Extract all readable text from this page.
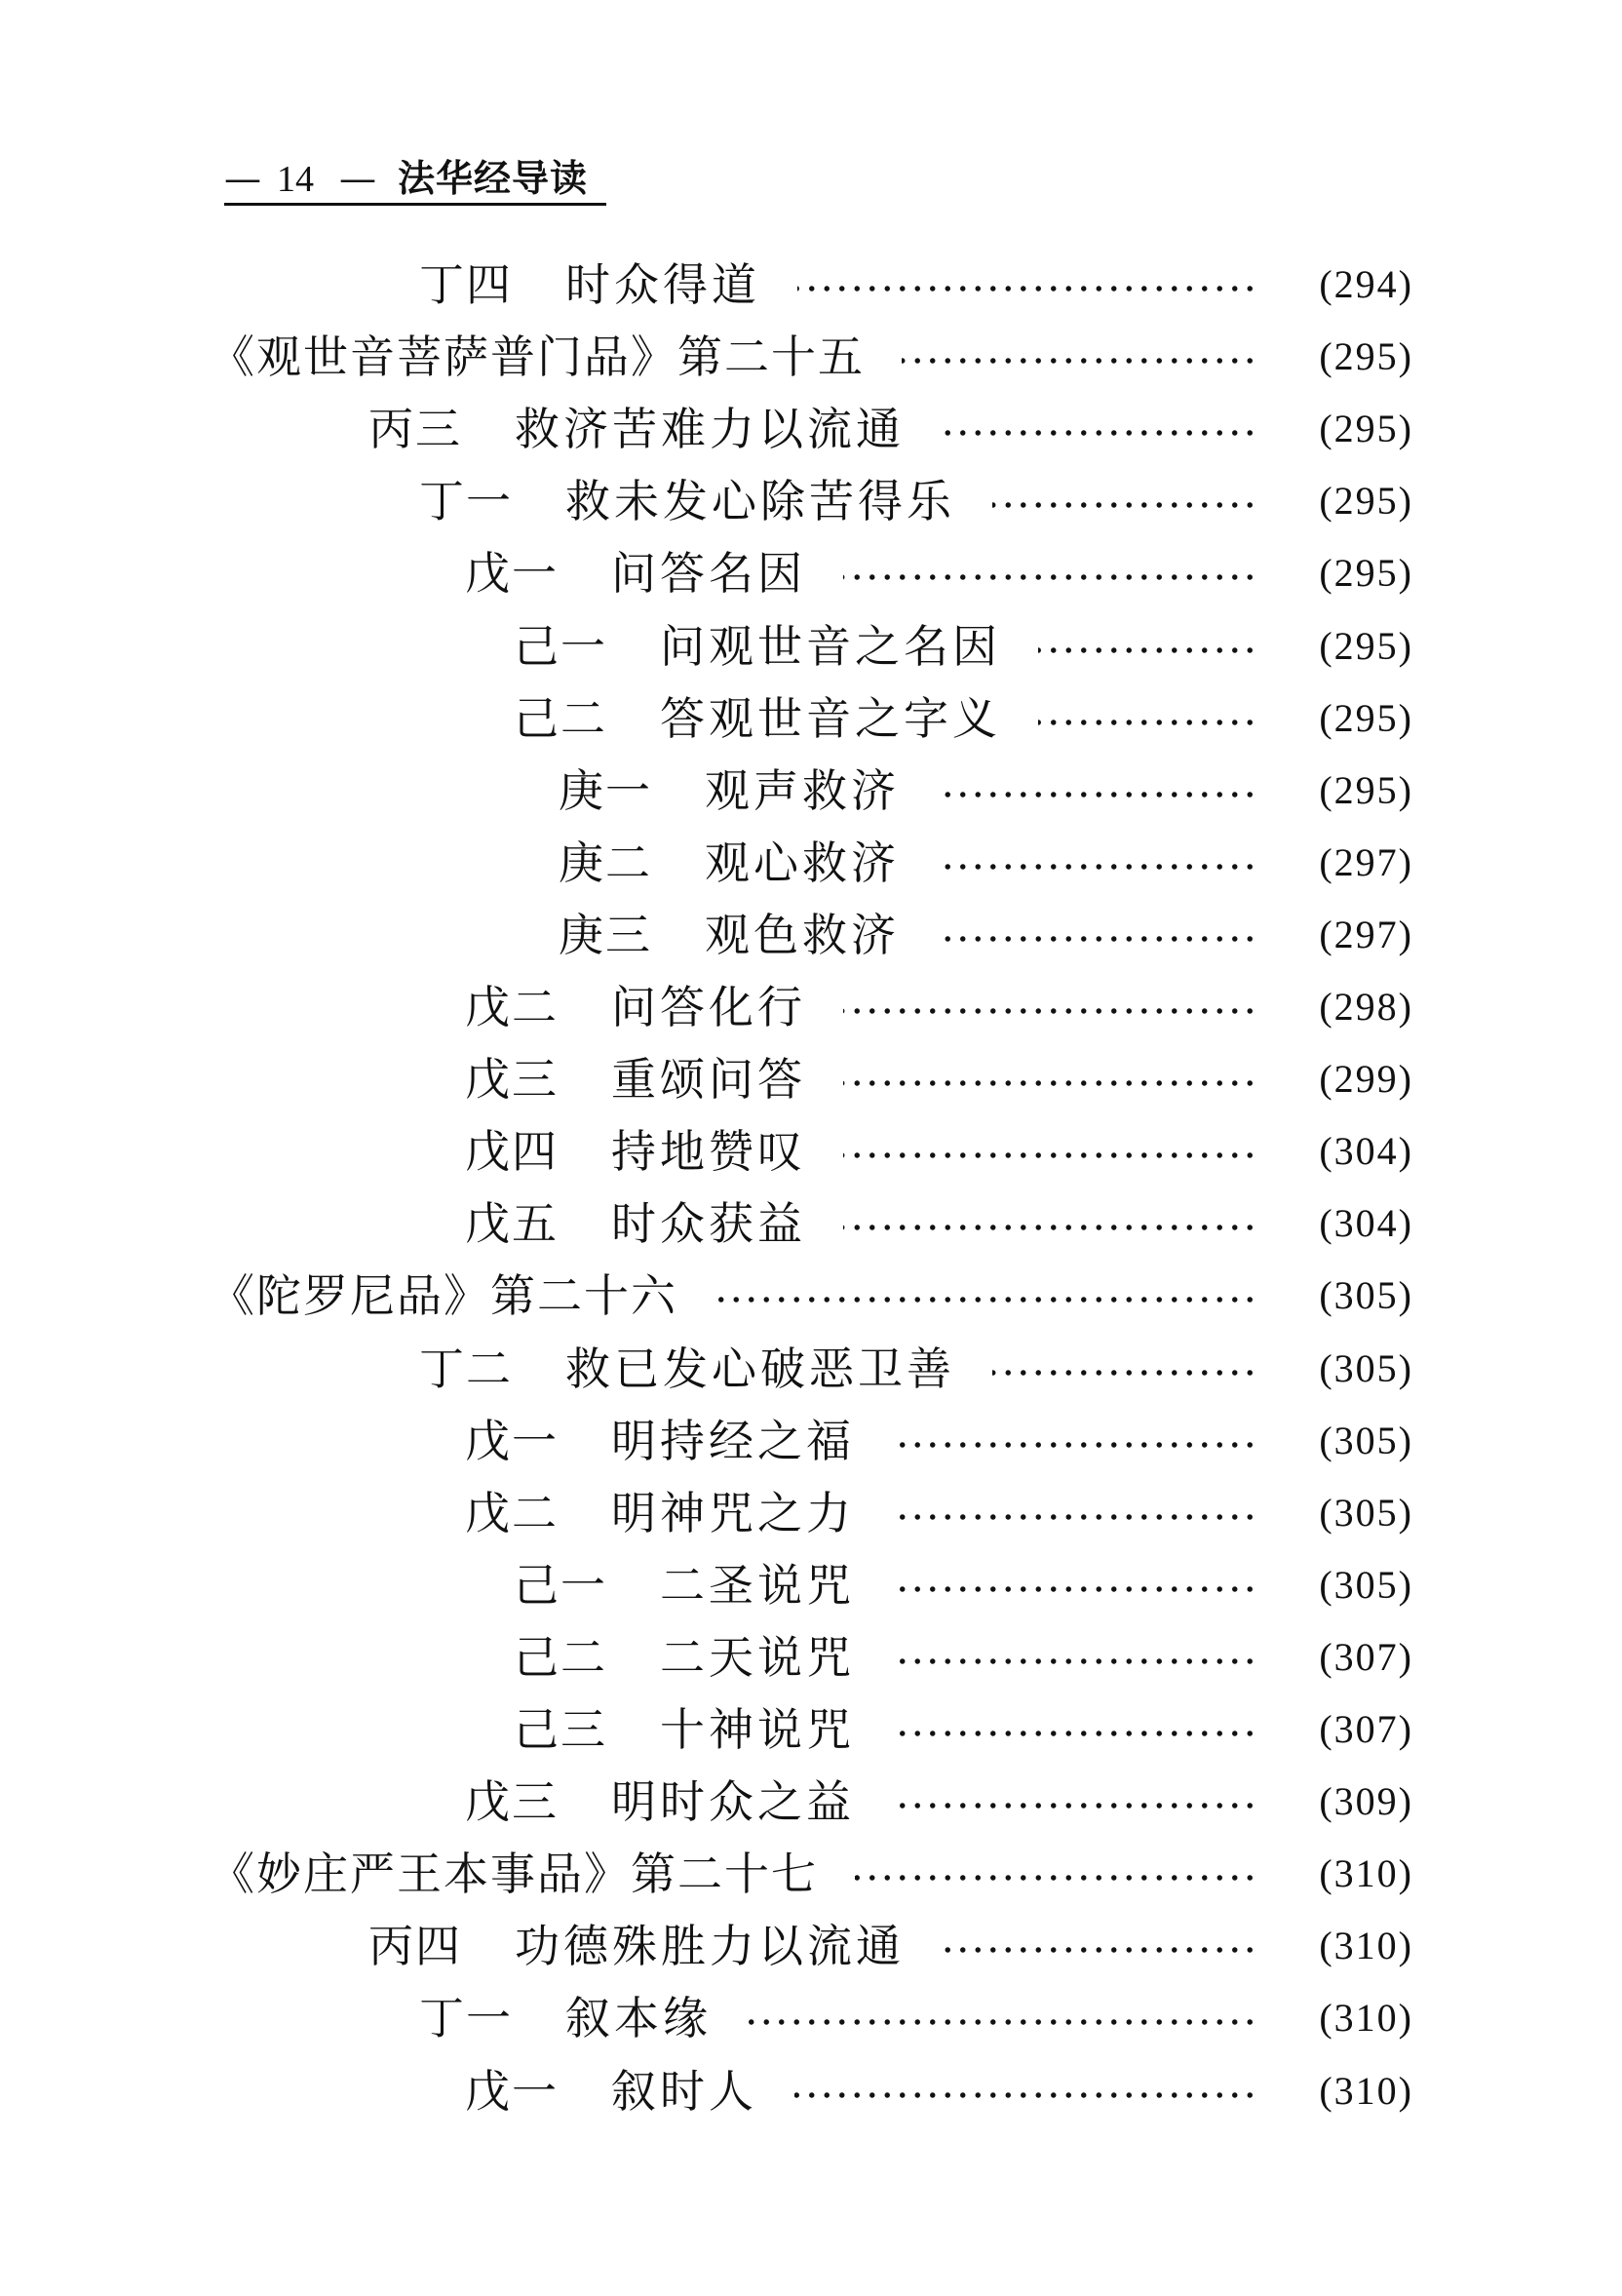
— 14 — 法华经导读
丁四	时众得道	(294)
《观世音菩萨普门品》第二十五	(295)
丙三	救济苦难力以流通	(295)
丁一	救未发心除苦得乐	(295)
戊一	问答名因	(295)
己一	问观世音之名因	(295)
己二	答观世音之字义	(295)
庚一	观声救济	(295)
庚二	观心救济	(297)
庚三	观色救济	(297)
戊二	问答化行	(298)
戊三	重颂问答	(299)
戊四	持地赞叹	(304)
戊五	时众获益	(304)
《陀罗尼品》第二十六	(305)
丁二	救已发心破恶卫善	(305)
戊一	明持经之福	(305)
戊二	明神咒之力	(305)
己一	二圣说咒	(305)
己二	二天说咒	(307)
己三	十神说咒	(307)
戊三	明时众之益	(309)
《妙庄严王本事品》第二十七	(310)
丙四	功德殊胜力以流通	(310)
丁一	叙本缘	(310)
戊一	叙时人	(310)
